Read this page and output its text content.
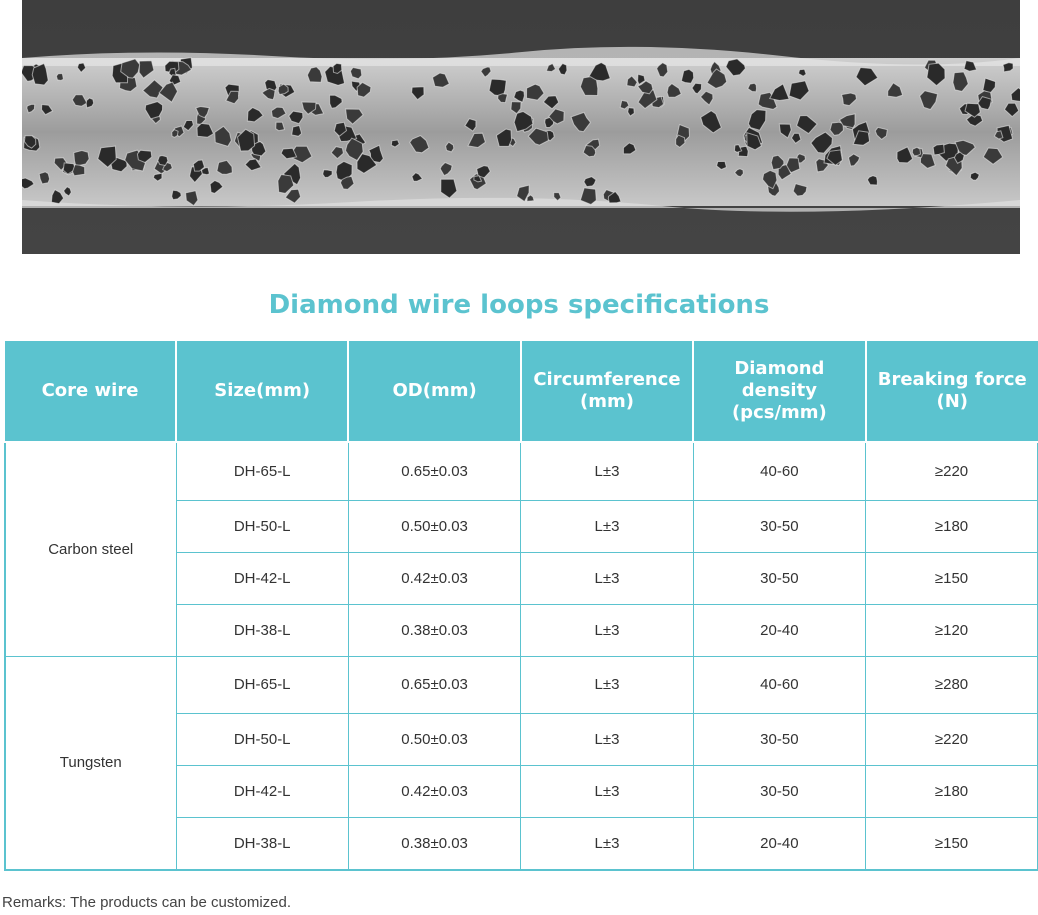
Diamond wire loops specifications
Core wire	Size(mm)	OD(mm)	Circumference (mm)	Diamond density (pcs/mm)	Breaking force (N)
Carbon steel	DH-65-L	0.65±0.03	L±3	40-60	≥220
	DH-50-L	0.50±0.03	L±3	30-50	≥180
	DH-42-L	0.42±0.03	L±3	30-50	≥150
	DH-38-L	0.38±0.03	L±3	20-40	≥120
Tungsten	DH-65-L	0.65±0.03	L±3	40-60	≥280
	DH-50-L	0.50±0.03	L±3	30-50	≥220
	DH-42-L	0.42±0.03	L±3	30-50	≥180
	DH-38-L	0.38±0.03	L±3	20-40	≥150
Remarks: The products can be customized.
